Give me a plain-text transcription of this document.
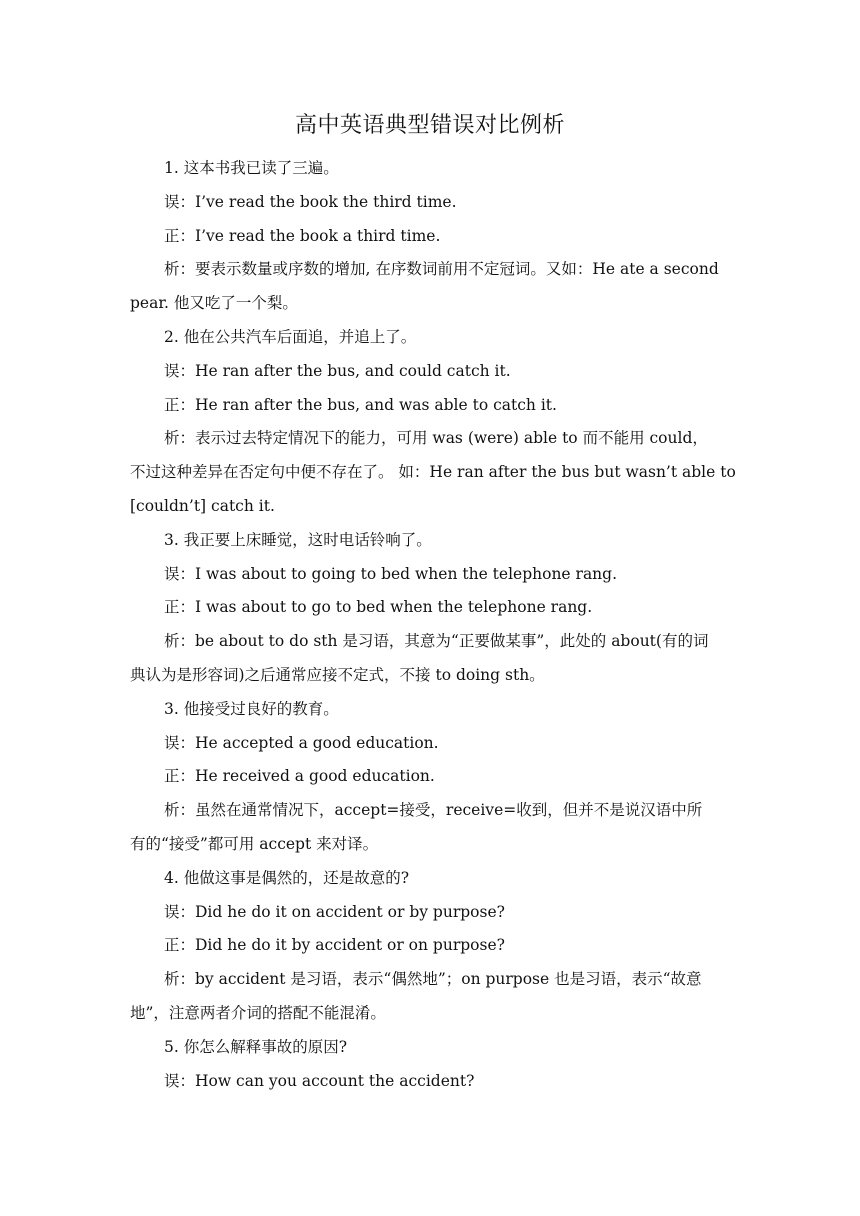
高中英语典型错误对比例析
1. 这本书我已读了三遍。
误：I’ve read the book the third time.
正：I’ve read the book a third time.
析：要表示数量或序数的增加, 在序数词前用不定冠词。又如：He ate a second
pear. 他又吃了一个梨。
2. 他在公共汽车后面追，并追上了。
误：He ran after the bus, and could catch it.
正：He ran after the bus, and was able to catch it.
析：表示过去特定情况下的能力，可用 was (were) able to 而不能用 could，
不过这种差异在否定句中便不存在了。 如：He ran after the bus but wasn’t able to
[couldn’t] catch it.
3. 我正要上床睡觉，这时电话铃响了。
误：I was about to going to bed when the telephone rang.
正：I was about to go to bed when the telephone rang.
析：be about to do sth 是习语，其意为“正要做某事”，此处的 about(有的词
典认为是形容词)之后通常应接不定式，不接 to doing sth。
3. 他接受过良好的教育。
误：He accepted a good education.
正：He received a good education.
析：虽然在通常情况下，accept=接受，receive=收到，但并不是说汉语中所
有的“接受”都可用 accept 来对译。
4. 他做这事是偶然的，还是故意的?
误：Did he do it on accident or by purpose?
正：Did he do it by accident or on purpose?
析：by accident 是习语，表示“偶然地”；on purpose 也是习语，表示“故意
地”，注意两者介词的搭配不能混淆。
5. 你怎么解释事故的原因?
误：How can you account the accident?
